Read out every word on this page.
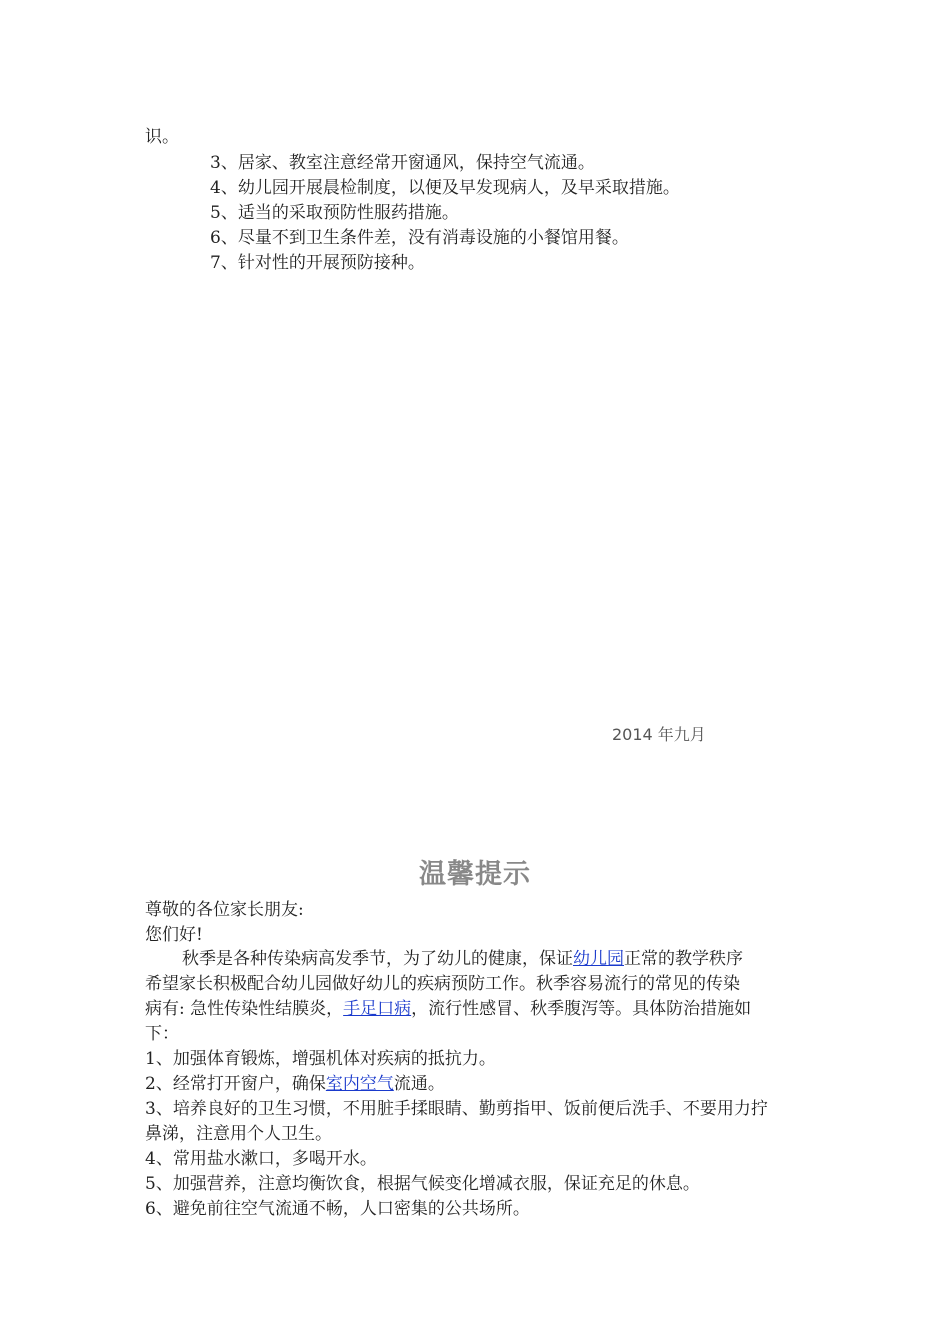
识。
3、居家、教室注意经常开窗通风，保持空气流通。
4、幼儿园开展晨检制度，以便及早发现病人，及早采取措施。
5、适当的采取预防性服药措施。
6、尽量不到卫生条件差，没有消毒设施的小餐馆用餐。
7、针对性的开展预防接种。
2014 年九月
温馨提示
尊敬的各位家长朋友:
您们好!
秋季是各种传染病高发季节，为了幼儿的健康，保证幼儿园正常的教学秩序
希望家长积极配合幼儿园做好幼儿的疾病预防工作。秋季容易流行的常见的传染
病有: 急性传染性结膜炎，手足口病，流行性感冒、秋季腹泻等。具体防治措施如
下：
1、加强体育锻炼，增强机体对疾病的抵抗力。
2、经常打开窗户，确保室内空气流通。
3、培养良好的卫生习惯，不用脏手揉眼睛、勤剪指甲、饭前便后洗手、不要用力拧
鼻涕，注意用个人卫生。
4、常用盐水漱口，多喝开水。
5、加强营养，注意均衡饮食，根据气候变化增减衣服，保证充足的休息。
6、避免前往空气流通不畅，人口密集的公共场所。
